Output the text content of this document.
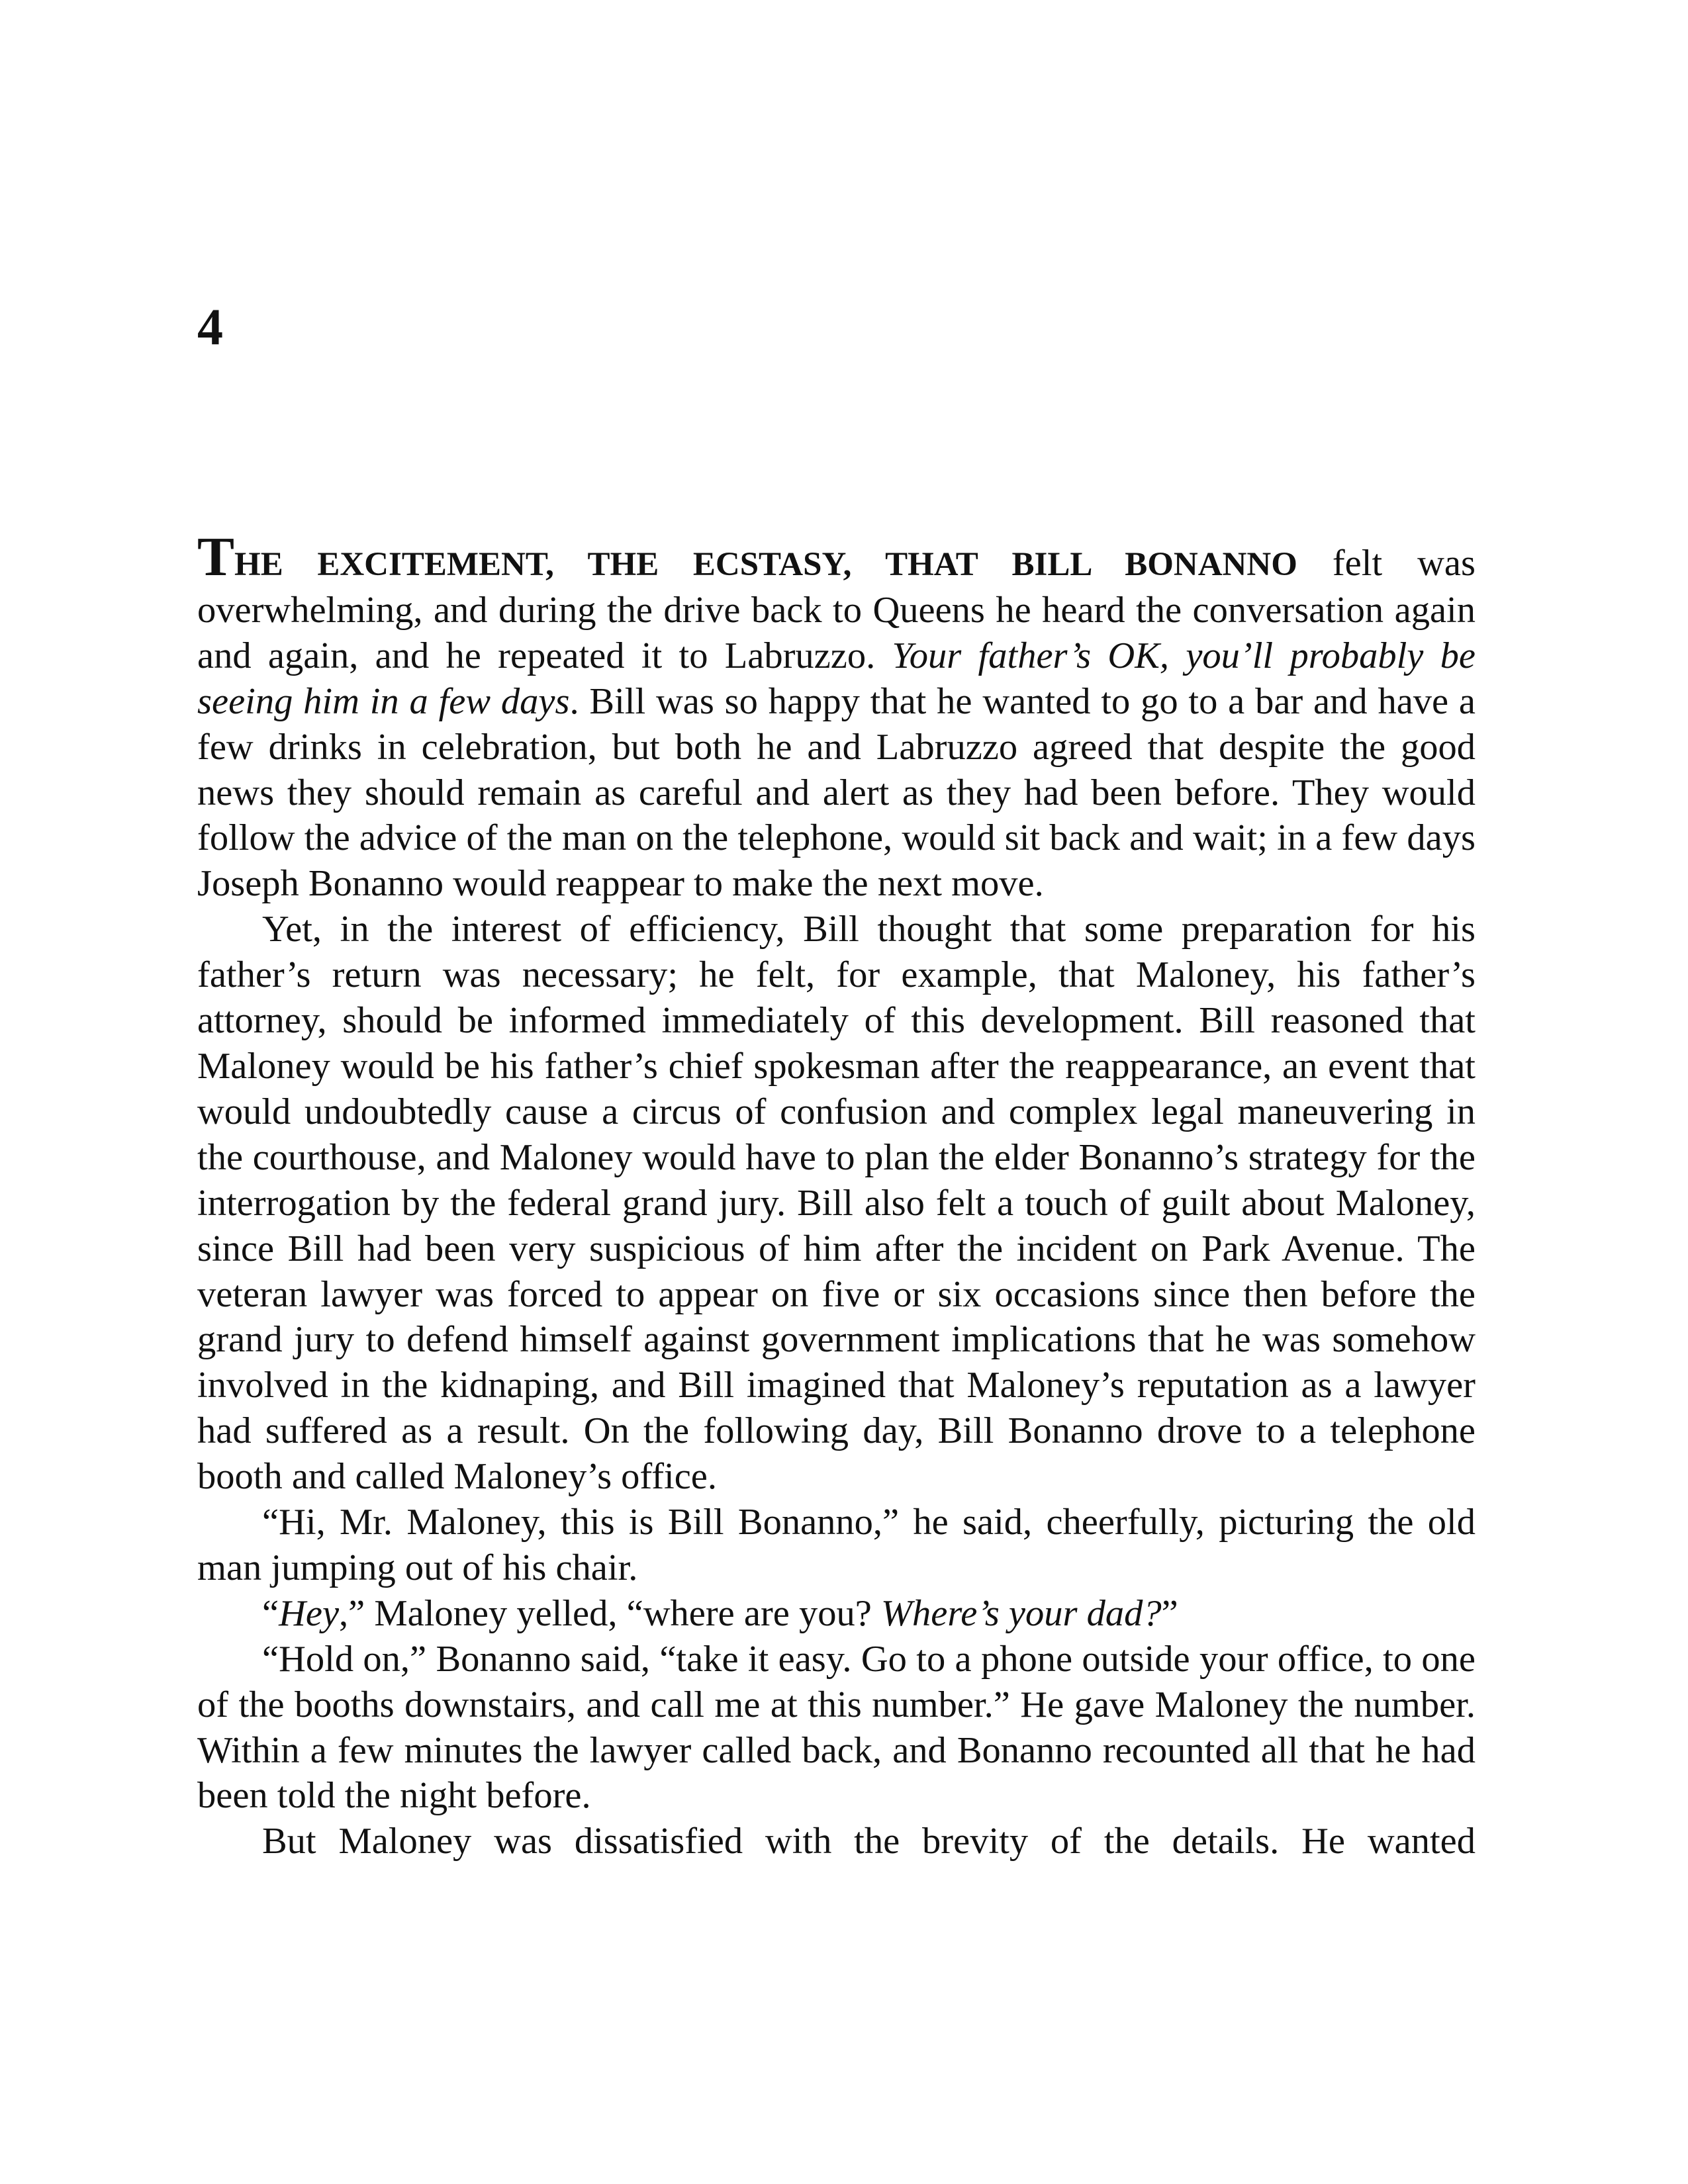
4

THE EXCITEMENT, THE ECSTASY, THAT BILL BONANNO felt was overwhelming, and during the drive back to Queens he heard the conversation again and again, and he repeated it to Labruzzo. Your father’s OK, you’ll probably be seeing him in a few days. Bill was so happy that he wanted to go to a bar and have a few drinks in celebration, but both he and Labruzzo agreed that despite the good news they should remain as careful and alert as they had been before. They would follow the advice of the man on the telephone, would sit back and wait; in a few days Joseph Bonanno would reappear to make the next move.

Yet, in the interest of efficiency, Bill thought that some preparation for his father’s return was necessary; he felt, for example, that Maloney, his father’s attorney, should be informed immediately of this development. Bill reasoned that Maloney would be his father’s chief spokesman after the reappearance, an event that would undoubtedly cause a circus of confusion and complex legal maneuvering in the courthouse, and Maloney would have to plan the elder Bonanno’s strategy for the interrogation by the federal grand jury. Bill also felt a touch of guilt about Maloney, since Bill had been very suspicious of him after the incident on Park Avenue. The veteran lawyer was forced to appear on five or six occasions since then before the grand jury to defend himself against government implications that he was somehow involved in the kidnaping, and Bill imagined that Maloney’s reputation as a lawyer had suffered as a result. On the following day, Bill Bonanno drove to a telephone booth and called Maloney’s office.

“Hi, Mr. Maloney, this is Bill Bonanno,” he said, cheerfully, picturing the old man jumping out of his chair.

“Hey,” Maloney yelled, “where are you? Where’s your dad?”

“Hold on,” Bonanno said, “take it easy. Go to a phone outside your office, to one of the booths downstairs, and call me at this number.” He gave Maloney the number. Within a few minutes the lawyer called back, and Bonanno recounted all that he had been told the night before.

But Maloney was dissatisfied with the brevity of the details. He wanted
